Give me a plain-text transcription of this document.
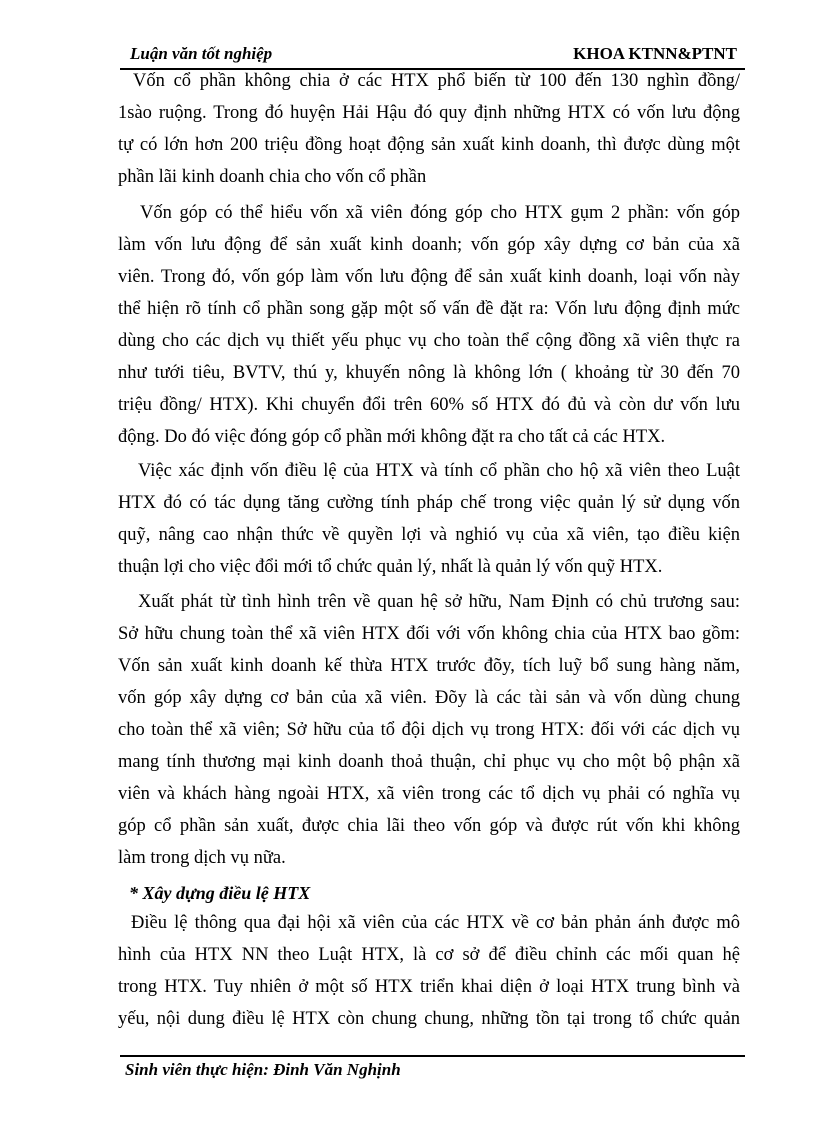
Luận văn tốt nghiệp	KHOA KTNN&PTNT
Vốn cổ phần không chia ở các HTX phổ biến từ 100 đến 130 nghìn đồng/
1sào ruộng. Trong đó huyện Hải Hậu đó quy định những HTX có vốn lưu động
tự có lớn hơn 200 triệu đồng hoạt động sản xuất kinh doanh, thì được dùng một
phần lãi kinh doanh chia cho vốn cổ phần
Vốn góp có thể hiểu vốn xã viên đóng góp cho HTX gụm 2 phần: vốn góp
làm vốn lưu động để sản xuất kinh doanh; vốn góp xây dựng cơ bản của xã
viên. Trong đó, vốn góp làm vốn lưu động để sản xuất kinh doanh, loại vốn này
thể hiện rõ tính cổ phần song gặp một số vấn đề đặt ra: Vốn lưu động định mức
dùng cho các dịch vụ thiết yếu phục vụ cho toàn thể cộng đồng xã viên thực ra
như tưới tiêu, BVTV, thú y, khuyến nông là không lớn ( khoảng từ 30 đến 70
triệu đồng/ HTX). Khi chuyển đổi trên 60% số HTX đó đủ và còn dư vốn lưu
động. Do đó việc đóng góp cổ phần mới không đặt ra cho tất cả các HTX.
Việc xác định vốn điều lệ của HTX và tính cổ phần cho hộ xã viên theo Luật
HTX đó có tác dụng tăng cường tính pháp chế trong việc quản lý sử dụng vốn
quỹ, nâng cao nhận thức về quyền lợi và nghió vụ của xã viên, tạo điều kiện
thuận lợi cho việc đổi mới tổ chức quản lý, nhất là quản lý vốn quỹ HTX.
Xuất phát từ tình hình trên về quan hệ sở hữu, Nam Định có chủ trương sau:
Sở hữu chung toàn thể xã viên HTX đối với vốn không chia của HTX bao gồm:
Vốn sản xuất kinh doanh kế thừa HTX trước đõy, tích luỹ bổ sung hàng năm,
vốn góp xây dựng cơ bản của xã viên. Đõy là các tài sản và vốn dùng chung
cho toàn thể xã viên; Sở hữu của tổ đội dịch vụ trong HTX: đối với các dịch vụ
mang tính thương mại kinh doanh thoả thuận, chỉ phục vụ cho một bộ phận xã
viên và khách hàng ngoài HTX, xã viên trong các tổ dịch vụ phải có nghĩa vụ
góp cổ phần sản xuất, được chia lãi theo vốn góp và được rút vốn khi không
làm trong dịch vụ nữa.
* Xây dựng điều lệ HTX
Điều lệ thông qua đại hội xã viên của các HTX về cơ bản phản ánh được mô
hình của HTX NN theo Luật HTX, là cơ sở để điều chỉnh các mối quan hệ
trong HTX. Tuy nhiên ở một số HTX triển khai diện ở loại HTX trung bình và
yếu, nội dung điều lệ HTX còn chung chung, những tồn tại trong tổ chức quản
Sinh viên thực hiện: Đinh Văn Nghịnh
